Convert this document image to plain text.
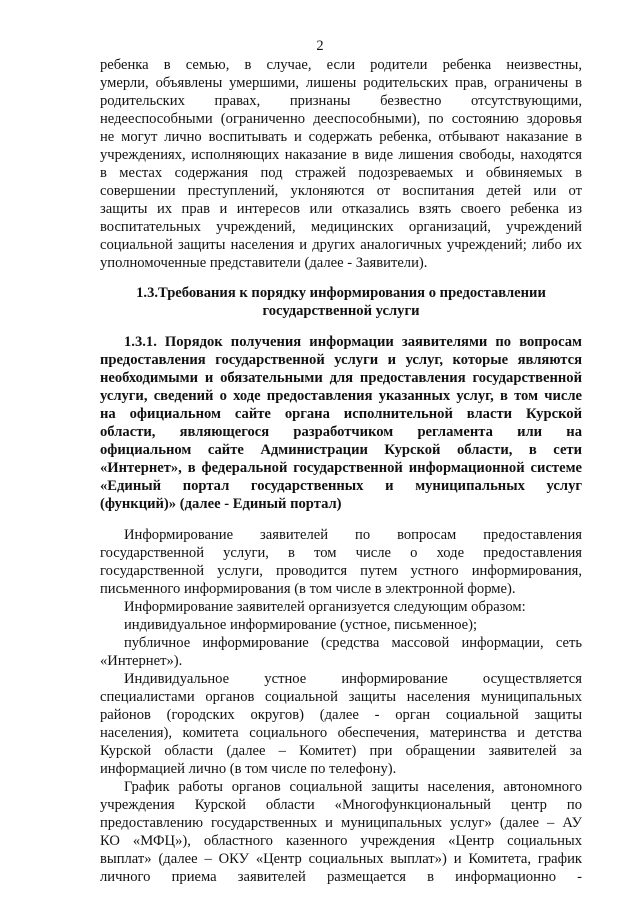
2
ребенка в семью, в случае, если родители ребенка неизвестны,
умерли, объявлены умершими, лишены родительских прав, ограничены в
родительских правах, признаны безвестно отсутствующими,
недееспособными (ограниченно дееспособными), по состоянию здоровья
не могут лично воспитывать и содержать ребенка, отбывают наказание в
учреждениях, исполняющих наказание в виде лишения свободы, находятся
в местах содержания под стражей подозреваемых и обвиняемых в
совершении преступлений, уклоняются от воспитания детей или от
защиты их прав и интересов или отказались взять своего ребенка из
воспитательных учреждений, медицинских организаций, учреждений
социальной защиты населения и других аналогичных учреждений; либо их
уполномоченные представители (далее - Заявители).
1.3.Требования к порядку информирования о предоставлении
государственной услуги
1.3.1. Порядок получения информации заявителями по вопросам
предоставления государственной услуги и услуг, которые являются
необходимыми и обязательными для предоставления государственной
услуги, сведений о ходе предоставления указанных услуг, в том числе
на официальном сайте органа исполнительной власти Курской
области, являющегося разработчиком регламента или на
официальном сайте Администрации Курской области, в сети
«Интернет», в федеральной государственной информационной системе
«Единый портал государственных и муниципальных услуг
(функций)» (далее - Единый портал)
Информирование заявителей по вопросам предоставления
государственной услуги, в том числе о ходе предоставления
государственной услуги, проводится путем устного информирования,
письменного информирования (в том числе в электронной форме).
Информирование заявителей организуется следующим образом:
индивидуальное информирование (устное, письменное);
публичное информирование (средства массовой информации, сеть
«Интернет»).
Индивидуальное устное информирование осуществляется
специалистами органов социальной защиты населения муниципальных
районов (городских округов) (далее - орган социальной защиты
населения), комитета социального обеспечения, материнства и детства
Курской области (далее – Комитет) при обращении заявителей за
информацией лично (в том числе по телефону).
График работы органов социальной защиты населения, автономного
учреждения Курской области «Многофункциональный центр по
предоставлению государственных и муниципальных услуг» (далее – АУ
КО «МФЦ»), областного казенного учреждения «Центр социальных
выплат» (далее – ОКУ «Центр социальных выплат») и Комитета, график
личного приема заявителей размещается в информационно -
